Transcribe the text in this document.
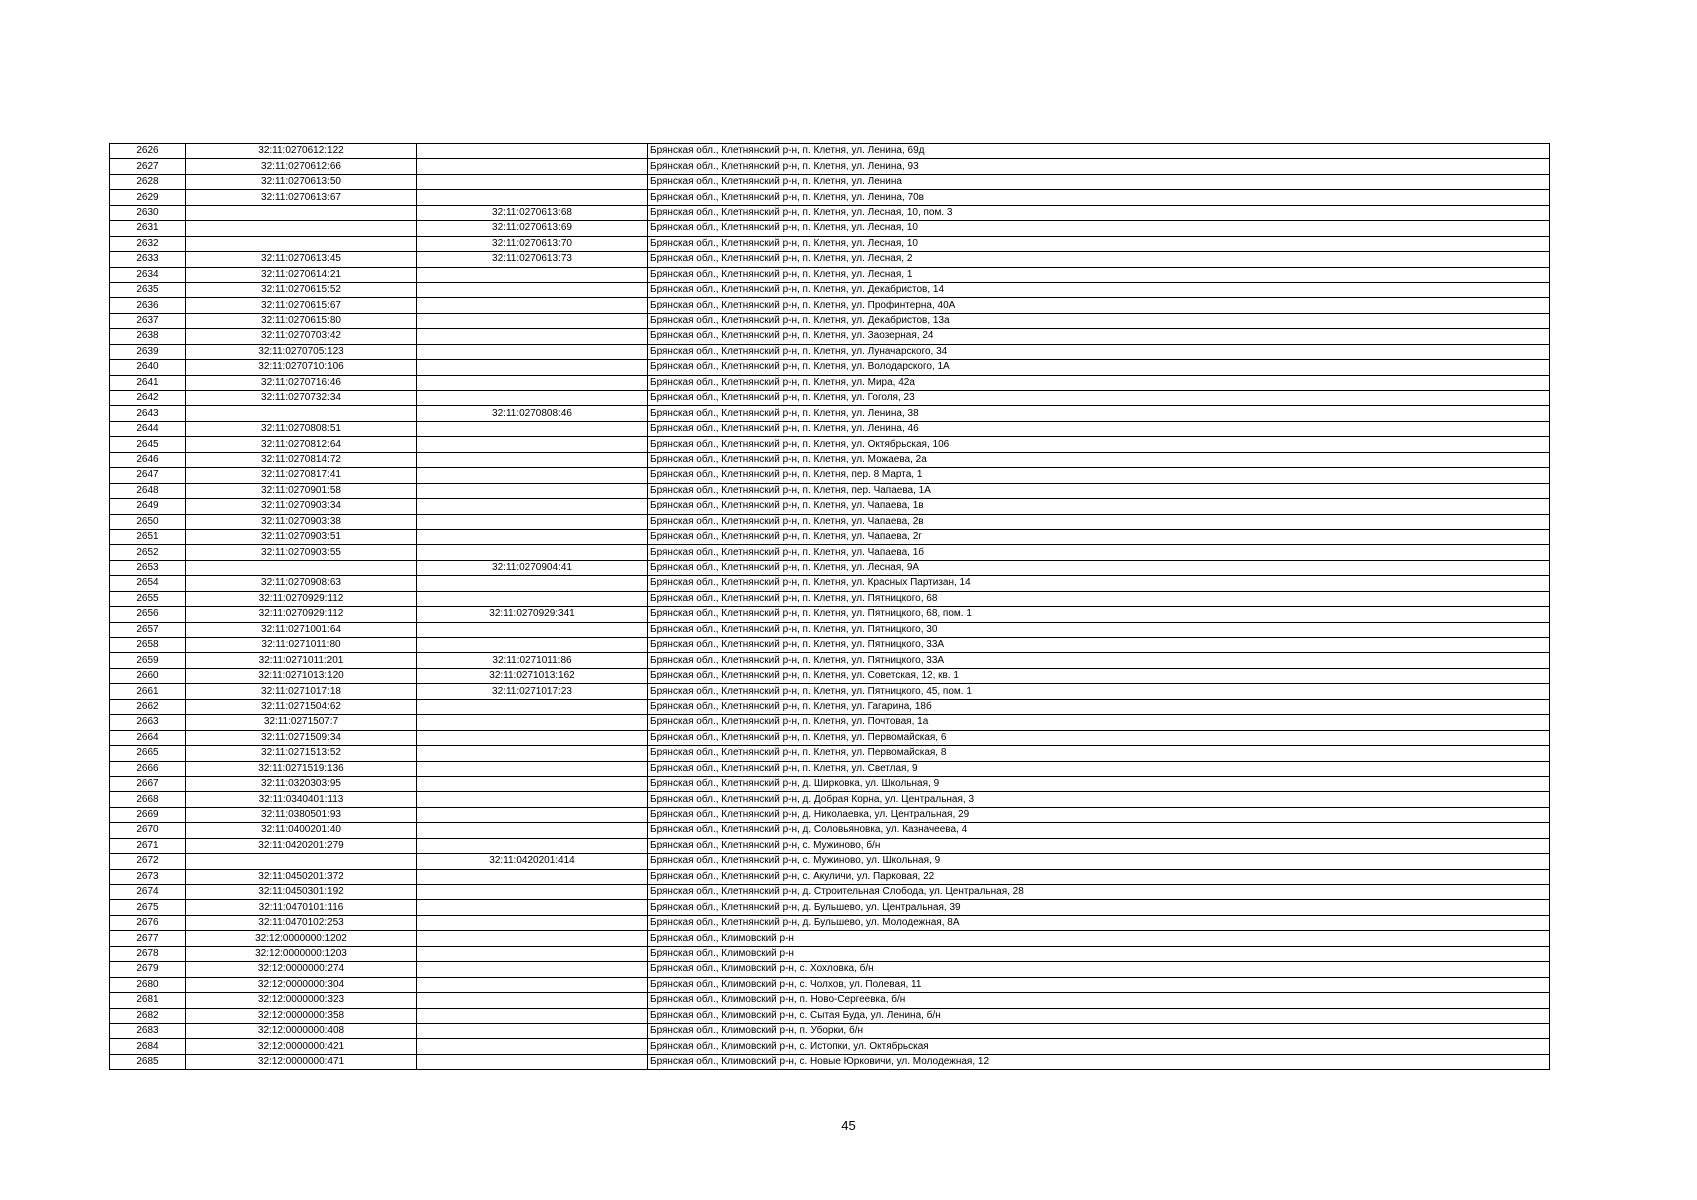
2626	32:11:0270612:122		Брянская обл., Клетнянский р-н, п. Клетня, ул. Ленина, 69д
2627	32:11:0270612:66		Брянская обл., Клетнянский р-н, п. Клетня, ул. Ленина, 93
2628	32:11:0270613:50		Брянская обл., Клетнянский р-н, п. Клетня, ул. Ленина
2629	32:11:0270613:67		Брянская обл., Клетнянский р-н, п. Клетня, ул. Ленина, 70в
2630		32:11:0270613:68	Брянская обл., Клетнянский р-н, п. Клетня, ул. Лесная, 10, пом. 3
2631		32:11:0270613:69	Брянская обл., Клетнянский р-н, п. Клетня, ул. Лесная, 10
2632		32:11:0270613:70	Брянская обл., Клетнянский р-н, п. Клетня, ул. Лесная, 10
2633	32:11:0270613:45	32:11:0270613:73	Брянская обл., Клетнянский р-н, п. Клетня, ул. Лесная, 2
2634	32:11:0270614:21		Брянская обл., Клетнянский р-н, п. Клетня, ул. Лесная, 1
2635	32:11:0270615:52		Брянская обл., Клетнянский р-н, п. Клетня, ул. Декабристов, 14
2636	32:11:0270615:67		Брянская обл., Клетнянский р-н, п. Клетня, ул. Профинтерна, 40А
2637	32:11:0270615:80		Брянская обл., Клетнянский р-н, п. Клетня, ул. Декабристов, 13а
2638	32:11:0270703:42		Брянская обл., Клетнянский р-н, п. Клетня, ул. Заозерная, 24
2639	32:11:0270705:123		Брянская обл., Клетнянский р-н, п. Клетня, ул. Луначарского, 34
2640	32:11:0270710:106		Брянская обл., Клетнянский р-н, п. Клетня, ул. Володарского, 1А
2641	32:11:0270716:46		Брянская обл., Клетнянский р-н, п. Клетня, ул. Мира, 42а
2642	32:11:0270732:34		Брянская обл., Клетнянский р-н, п. Клетня, ул. Гоголя, 23
2643		32:11:0270808:46	Брянская обл., Клетнянский р-н, п. Клетня, ул. Ленина, 38
2644	32:11:0270808:51		Брянская обл., Клетнянский р-н, п. Клетня, ул. Ленина, 46
2645	32:11:0270812:64		Брянская обл., Клетнянский р-н, п. Клетня, ул. Октябрьская, 106
2646	32:11:0270814:72		Брянская обл., Клетнянский р-н, п. Клетня, ул. Можаева, 2а
2647	32:11:0270817:41		Брянская обл., Клетнянский р-н, п. Клетня, пер. 8 Марта, 1
2648	32:11:0270901:58		Брянская обл., Клетнянский р-н, п. Клетня, пер. Чапаева, 1А
2649	32:11:0270903:34		Брянская обл., Клетнянский р-н, п. Клетня, ул. Чапаева, 1в
2650	32:11:0270903:38		Брянская обл., Клетнянский р-н, п. Клетня, ул. Чапаева, 2в
2651	32:11:0270903:51		Брянская обл., Клетнянский р-н, п. Клетня, ул. Чапаева, 2г
2652	32:11:0270903:55		Брянская обл., Клетнянский р-н, п. Клетня, ул. Чапаева, 1б
2653		32:11:0270904:41	Брянская обл., Клетнянский р-н, п. Клетня, ул. Лесная, 9А
2654	32:11:0270908:63		Брянская обл., Клетнянский р-н, п. Клетня, ул. Красных Партизан, 14
2655	32:11:0270929:112		Брянская обл., Клетнянский р-н, п. Клетня, ул. Пятницкого, 68
2656	32:11:0270929:112	32:11:0270929:341	Брянская обл., Клетнянский р-н, п. Клетня, ул. Пятницкого, 68, пом. 1
2657	32:11:0271001:64		Брянская обл., Клетнянский р-н, п. Клетня, ул. Пятницкого, 30
2658	32:11:0271011:80		Брянская обл., Клетнянский р-н, п. Клетня, ул. Пятницкого, 33А
2659	32:11:0271011:201	32:11:0271011:86	Брянская обл., Клетнянский р-н, п. Клетня, ул. Пятницкого, 33А
2660	32:11:0271013:120	32:11:0271013:162	Брянская обл., Клетнянский р-н, п. Клетня, ул. Советская, 12, кв. 1
2661	32:11:0271017:18	32:11:0271017:23	Брянская обл., Клетнянский р-н, п. Клетня, ул. Пятницкого, 45, пом. 1
2662	32:11:0271504:62		Брянская обл., Клетнянский р-н, п. Клетня, ул. Гагарина, 18б
2663	32:11:0271507:7		Брянская обл., Клетнянский р-н, п. Клетня, ул. Почтовая, 1а
2664	32:11:0271509:34		Брянская обл., Клетнянский р-н, п. Клетня, ул. Первомайская, 6
2665	32:11:0271513:52		Брянская обл., Клетнянский р-н, п. Клетня, ул. Первомайская, 8
2666	32:11:0271519:136		Брянская обл., Клетнянский р-н, п. Клетня, ул. Светлая, 9
2667	32:11:0320303:95		Брянская обл., Клетнянский р-н, д. Ширковка, ул. Школьная, 9
2668	32:11:0340401:113		Брянская обл., Клетнянский р-н, д. Добрая Корна, ул. Центральная, 3
2669	32:11:0380501:93		Брянская обл., Клетнянский р-н, д. Николаевка, ул. Центральная, 29
2670	32:11:0400201:40		Брянская обл., Клетнянский р-н, д. Соловьяновка, ул. Казначеева, 4
2671	32:11:0420201:279		Брянская обл., Клетнянский р-н, с. Мужиново, б/н
2672		32:11:0420201:414	Брянская обл., Клетнянский р-н, с. Мужиново, ул. Школьная, 9
2673	32:11:0450201:372		Брянская обл., Клетнянский р-н, с. Акуличи, ул. Парковая, 22
2674	32:11:0450301:192		Брянская обл., Клетнянский р-н, д. Строительная Слобода, ул. Центральная, 28
2675	32:11:0470101:116		Брянская обл., Клетнянский р-н, д. Бульшево, ул. Центральная, 39
2676	32:11:0470102:253		Брянская обл., Клетнянский р-н, д. Бульшево, ул. Молодежная, 8А
2677	32:12:0000000:1202		Брянская обл., Климовский р-н
2678	32:12:0000000:1203		Брянская обл., Климовский р-н
2679	32:12:0000000:274		Брянская обл., Климовский р-н, с. Хохловка, б/н
2680	32:12:0000000:304		Брянская обл., Климовский р-н, с. Чолхов, ул. Полевая, 11
2681	32:12:0000000:323		Брянская обл., Климовский р-н, п. Ново-Сергеевка, б/н
2682	32:12:0000000:358		Брянская обл., Климовский р-н, с. Сытая Буда, ул. Ленина, б/н
2683	32:12:0000000:408		Брянская обл., Климовский р-н, п. Уборки, б/н
2684	32:12:0000000:421		Брянская обл., Климовский р-н, с. Истопки, ул. Октябрьская
2685	32:12:0000000:471		Брянская обл., Климовский р-н, с. Новые Юрковичи, ул. Молодежная, 12
45
